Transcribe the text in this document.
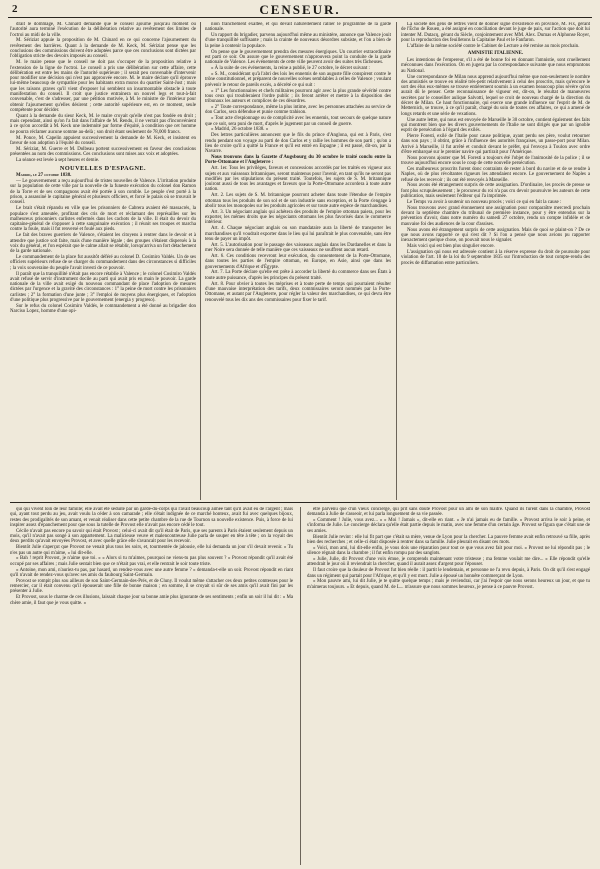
2	CENSEUR.

drait le dommage, M. Chinard demande que le conseil ajourne jusqu'au moment où l'autorité aura terminé l'exécution de la délibération relative au revêtement des limites de l'octroi au midi de la ville.

M. Sériziat appuie la proposition de M. Chinard en ce qui concerne l'ajournement du revêtement des barrières. Quant à la demande de M. Keck, M. Sériziat pense que les conclusions des commissions doivent être adoptées parce que ces conclusions sont dictées par l'obligation stricte des devoirs imposés au conseil.

M. le maire pense que le conseil ne doit pas s'occuper de la proposition relative à l'extension de la ligne de l'octroi. Le conseil a pris une délibération sur cette affaire, cette délibération est entre les mains de l'autorité supérieure ; il serait peu convenable d'intervenir pour modifier une décision qui n'est pas approuvée encore. M. le maire déclare qu'il éprouve lui-même beaucoup de sympathie pour les habitants extra muros du quartier Saint-Just ; mais que les raisons graves qu'il vient d'exposer lui semblent un insurmontable obstacle à toute manifestation du conseil. Il croit que justice entrainera un nouvel legs et tout-à-fait convenable, c'est de s'adresser, par une pétition motivée, à M. le ministre de l'intérieur pour obtenir l'ajournement qu'elles désirent ; cette autorité supérieure est, en ce moment, seule compétente pour décider.

Quant à la demande du sieur Keck, M. le maire croyait qu'elle n'est pas fondée en droit ; mais cependant, ainsi qu'on l'a fait dans l'affaire de M. Rendu, il ne verrait pas d'inconvénient à ce qu'on accordât à M. Keck une indemnité par forme d'équité, à condition que cet homme ne pourra réclamer aucune somme au-delà ; son droit étant seulement de 78,000 francs.

M. Ponce, M. Capelin appuient successivement la demande de M. Keck, et insistent en faveur de son adoption à l'équité du conseil.

M. Sériziat, M. Guerre et M. Dolbeau portent successivement en faveur des conclusions présentées au nom des commissions. Ces conclusions sont mises aux voix et adoptées.

La séance est levée à sept heures et demie.

NOUVELLES D'ESPAGNE.

Madrid, le 27 octobre 1838.

— Le gouvernement a reçu aujourd'hui de tristes nouvelles de Valence. L'irritation produite sur la population de cette ville par la nouvelle de la funeste exécution du colonel don Ramon de la Torre et de ses compagnons avait été portée à son comble. Le peuple s'est porté à la prison, a assassiné le capitaine général et plusieurs officiers, et forcé le palais où se trouvait le conseil.

Le brait s'était répandu en ville que les prisonniers de Cabrera avaient été massacrés, la populace s'est ameutée, profitant des cris de mort et réclamant des représailles sur les malheureux prisonniers carlistes enfermés dans les cachots de la ville. Il était du devoir du capitaine-général de s'opposer à cette sanguinaire exécution ; il réunit ses troupes et marcha contre la foule, mais il fut renversé et foulé aux pieds.

Le fait des braves guerriers de Valence, s'étaient les citoyens à rentrer dans le devoir et à attendre que justice soit faite, mais d'une manière légale ; des groupes s'étaient dispersés à la voix du général, et l'on espérait que le calme allait se rétablir, lorsqu'arriva un fort détachement de la garde nationale.

Le commandement de la place fut aussitôt déféré au colonel D. Cosimiro Valdés. Un de ses officiers supérieurs refuse de se charger du commandement dans des circonstances si difficiles ; la voix souveraine du peuple l'avait investi de ce pouvoir.

Il paraît que la tranquillité n'était pas encore rétablie à Valence ; le colonel Cosimiro Valdés avait refusé de servir d'instrument docile au parti qui avait pris en main le pouvoir. La garde nationale de la ville avait exigé du nouveau commandant de place l'adoption de mesures dictées par l'urgence et la gravité des circonstances : 1° la peine de mort contre les prisonniers carlistes ; 2° la formation d'une junte ; 3° l'emploi de moyens plus énergiques, et l'adoption d'une politique plus progressive par le gouvernement (energia y progreso).

Sur le refus du colonel Cosimiro Valdés, le commandement a été donné au brigadier don Narciso Lopez, homme d'une opi-

nion franchement exaltée, et qui devait naturellement rallier le programme de la garde nationale.

Un rapport du brigadier, parvenu aujourd'hui même au ministère, annonce que Valence jouit d'une tranquillité suffisante ; mais la crainte de nouveaux désordres subsiste, et l'on a bien de la peine à contenir la populace.

On pense que le gouvernement prendra des mesures énergiques. Un courrier extraordinaire est parti ce soir. On assure que le gouvernement n'approuvera point la conduite de la garde nationale de Valence. Les événements de cette ville peuvent avoir des suites très fâcheuses.

« À la suite de ces événements, la reine a publié, le 27 octobre, le décret suivant :

« S. M., considérant qu'à l'abri des lois les ennemis de son auguste fille conspirent contre le trône constitutionnel, et préparent de nouvelles scènes semblables à celles de Valence ; voulant prévenir le retour de pareils excès, a décrété ce qui suit :

« 1° Les fonctionnaires et chefs militaires pourront agir avec la plus grande sévérité contre tous ceux qui troubleraient l'ordre public ; ils feront arrêter et mettre à la disposition des tribunaux les auteurs et complices de ces désordres.

« 2° Toute correspondance, même la plus intime, avec les personnes attachées au service de don Carlos, sera défendue et punie comme trahison.

« Tout acte d'espionnage ou de complicité avec les ennemis, tout secours de quelque nature que ce soit, sera puni de mort, d'après le jugement par un conseil de guerre.

« Madrid, 26 octobre 1838. »

Des lettres particulières annoncent que le fils du prince d'Anglona, qui est à Paris, s'est rendu pendant son voyage au parti de don Carlos et y rallie les hommes de son parti ; qu'on a lieu de croire qu'il a quitté la France et qu'il est entré en Espagne ; il est passé, dit-on, par la Navarre.

Nous trouvons dans la Gazette d'Augsbourg du 30 octobre le traité conclu entre la Porte-Ottomane et l'Angleterre :

Art. 1er. Tous les privilèges, faveurs et concessions accordés par les traités en vigueur aux sujets et aux vaisseaux britanniques, seront maintenus pour l'avenir, en tant qu'ils ne seront pas modifiés par les stipulations du présent traité. Toutefois, les sujets de S. M. britannique jouiront aussi de tous les avantages et faveurs que la Porte-Ottomane accordera à toute autre nation.

Art. 2. Les sujets de S. M. britannique pourront acheter dans toute l'étendue de l'empire ottoman tous les produits de son sol et de son industrie sans exception, et la Porte s'engage à abolir tous les monopoles sur les produits agricoles et sur toute autre espèce de marchandises.

Art. 3. Un négociant anglais qui achètera des produits de l'empire ottoman paiera, pour les exporter, les mêmes droits que les négociants ottomans les plus favorisés dans le commerce intérieur.

Art. 4. Chaque négociant anglais ou son mandataire aura la liberté de transporter les marchandises qu'il voudrait exporter dans le lieu qui lui paraîtrait le plus convenable, sans être tenu de payer un impôt.

Art. 5. L'autorisation pour le passage des vaisseaux anglais dans les Dardanelles et dans la mer Noire sera donnée de telle manière que ces vaisseaux ne souffrent aucun retard.

Art. 6. Ces conditions recevront leur exécution, du consentement de la Porte-Ottomane, dans toutes les parties de l'empire ottoman, en Europe, en Asie, ainsi que dans les gouvernements d'Afrique et d'Égypte.

Art. 7. La Porte déclare qu'elle est prête à accorder la liberté du commerce dans ses États à toute autre puissance, d'après les principes du présent traité.

Art. 8. Pour obvier à toutes les méprises et à toute perte de temps qui pourraient résulter d'une mauvaise interprétation des tarifs, deux commissaires seront nommés par la Porte-Ottomane, et autant par l'Angleterre, pour régler la valeur des marchandises, ce qui devra être renouvelé tous les dix ans des commissaires pour fixer le tarif.

La société des gens de lettres vient de donner signe d'existence en province, M. Fix, gérant de l'Écho de Rouen, a été assigné en conciliation devant le juge de paix, sur l'action que doit lui intenter M. Dutacq, gérant du Siècle, conjointement avec MM. Alex. Dumas et Alphonse Royer, pour la reproduction des feuilletons la Capitaine Paul et le Fanfaron.

L'affaire de la même société contre le Cabinet de Lecture a été remise au mois prochain.

AMNISTIE ITALIENNE.

Les intentions de l'empereur, s'il a été de bonne foi en donnant l'amnistie, sont cruellement méconnues dans l'exécution. On en jugera par la correspondance suivante que nous empruntons au National.

Une correspondance de Milan nous apprend aujourd'hui même que non-seulement le nombre des amnistiés se trouve en réalité très-petit relativement à celui des proscrits, mais qu'encore le sort des élus eux-mêmes se trouve entièrement soumis à un examen beaucoup plus sévère qu'on aurait dû le penser. Cette reconnaissance de vigueur est, dit-on, le résultat de manœuvres secrètes par le conseiller aulique Salvotti, lequel se croit de nouveau chargé de la direction du décret de Milan. Ce haut fonctionnaire, qui exerce une grande influence sur l'esprit de M. de Metternich, se trouve, à ce qu'il paraît, chargé du soin de toutes ces affaires, ce qui a amené de longs retards et une série de vexations.

Une autre lettre, qui nous est envoyée de Marseille le 30 octobre, contient également des faits qui montrent bien que les divers gouvernements de l'Italie ne sont dirigés que par un ignoble esprit de persécution à l'égard des exilés.

Pierre Foresti, exilé de l'Italie pour cause politique, ayant perdu ses père, voulut retourner dans son pays ; il obtint, grâce à l'influence des autorités françaises, un passe-port pour Milan. Arrivé à Marseille, il fut arrêté et conduit devant le préfet, qui l'envoya à Toulon avec ordre d'être embarqué sur le premier navire qui partirait pour l'Amérique.

Nous pouvons ajouter que M. Foresti a toujours été l'objet de l'animosité de la police ; il se trouve aujourd'hui encore sous le coup de cette nouvelle persécution.

Ces malheureux proscrits furent donc contraints de rester à bord du navire et de se rendre à Naples, où de plus révoltantes rigueurs les attendaient encore. Le gouvernement de Naples a refusé de les recevoir ; ils ont été renvoyés à Marseille.

Nous avons été étrangement surpris de cette assignation. D'ordinaire, les procès de presse se font plus scrupuleusement ; le procureur du roi n'a pas cru devoir poursuivre les auteurs de cette publication, mais seulement l'éditeur qui l'a imprimée.

Le Temps va avoir à soutenir un nouveau procès ; voici ce qui en fait la cause :

Nous trouvons avec grand étonnement une assignation pour comparaître mercredi prochain devant la septième chambre du tribunal de première instance, pour y être entendus sur la prévention d'avoir, dans notre numéro du samedi 27 octobre, rendu un compte infidèle et de mauvaise foi des audiences de la cour d'assises.

Nous avons été étrangement surpris de cette assignation. Mais de quoi se plaint-on ? De ce que nous avons rapporté ce qui s'est dit ? Si l'on a pensé que nous avions pu rapporter inexactement quelque chose, on pouvait nous le signaler.

Mais voici qui est bien plus singulier encore.

L'assignation qui nous est adressée contient à la réserve expresse du droit de poursuite pour violation de l'art. 10 de la loi du 9 septembre 1835 sur l'introduction de tout compte-rendu des procès de diffamation entre particuliers.

qui qui vivent loin de leur famille; elle avait été séduite par un garde-du-corps qui l'avait beaucoup aimée tant qu'il avait eu de l'argent ; mais qui, ayant tout perdu au jeu, avait voulu la céder à son camarade ; elle s'était indignée de ce marché honteux, avait fui avec quelques bijoux, restes des prodigalités de son amant, et venait réaliser dans cette petite chambre de la rue de Tournon sa nouvelle existence. Puis, à force de lui inspirer assez d'épanchement pour que sous la tutelle de Provost elle n'avait pas encore cédé le tout.

Cécile n'avait pas encore pu savoir qui était Provost ; celui-ci avait dit qu'il était de Paris, que ses parents à Paris étaient seulement depuis un mois, qu'il n'avait pas songé à son appartement. La malicieuse veuve et malencontreuse Julie parla de souper en tête à tête ; on la voyait des deux perdits qu'avait envoyées Provost, et avec quelle grâce elle s'avancait pour les recevoir.

Bientôt Julie s'aperçut que Provost ne venait plus tous les soirs, et, tourmentée de jalousie, elle lui demanda un jour s'il devait revenir. « Tu n'es pas un autre qui m'aime, » lui dit-elle.

« Bah ! reprit Provost, je n'aime que toi. » « Alors si tu m'aimes, pourquoi ne viens-tu pas plus souvent ? » Provost répondit qu'il avait été occupé par ses affaires ; mais Julie sentait bien que ce n'était pas vrai, et elle rentrait le soir toute triste.

« Antoine, mon ami, n'auriez-tu pas, par hasard, un rendez-vous avec une autre femme ? » demanda-t-elle un soir. Provost répondit en riant qu'il n'avait de rendez-vous qu'avec ses amis du faubourg Saint-Germain.

Provost se rompit plus sou ailleurs de son Saint-Germain-des-Prés, et de Cluny. Il voulut même s'attacher ces deux petites comtesses pour le remercier, car il était convenu qu'il épouserait une fille de bonne maison ; en somme, il se croyait si sûr de ses amis qu'il avait fini par les présenter à Julie.

Et Provost, sous le charme de ces illusions, laissait chaque jour sa bonne amie plus ignorante de ses sentiments ; enfin un soir il lui dit : « Ma chère amie, il faut que je vous quitte. »

être parvenu que d'un vieux concierge, qui prit sans doute Provost pour un ami de son maître. Quand ils furent dans la chambre, Provost demanda à Julie de s'asseoir, et lui parla longuement de sa vie passée.

« Comment ! Julie, vous avez... » « Moi ! Jamais », dit-elle en riant. « Je n'ai jamais eu de famille. » Provost arriva le soir à peine, et s'informa de Julie. Le concierge déclara qu'elle était partie depuis le matin, avec une femme d'un certain âge. Provost se figura que c'était une de ses amies.

Bientôt Julie revint : elle lui fit part que c'était sa mère, venue de Lyon pour la chercher. La pauvre femme avait enfin retrouvé sa fille, après bien des recherches ; et celle-ci était disposée à rentrer dans sa famille. Julie pleurait en disant ces mots.

« Voici, mon ami, lui dit-elle enfin, je vous dois une réparation pour tout ce que vous avez fait pour moi. » Provost ne lui répondit pas ; le silence régnait dans la chambre ; il fut enfin rompu par des sanglots.

« Julie, Julie, dit Provost d'une voix émue, je comprends maintenant votre tristesse ; ma femme voulait me dire... » Elle répondit qu'elle attendrait le jour où il reviendrait la chercher, quand il aurait assez d'argent pour l'épouser.

Il faut croire que la douleur de Provost fut bien réelle : il partit le lendemain, et personne ne l'a revu depuis, à Paris. On dit qu'il s'est engagé dans un régiment qui partait pour l'Afrique, et qu'il y est mort. Julie a épousé un honnête commerçant de Lyon.

« Mon pauvre ami, lui dit Julie, je te quitte quelque temps ; mais je reviendrai, car j'ai l'espoir que nous serons heureux un jour, et que tu m'aimeras toujours. » Et depuis, quand M. de L... m'assure que nous sommes heureux, je pense à ce pauvre Provost.
